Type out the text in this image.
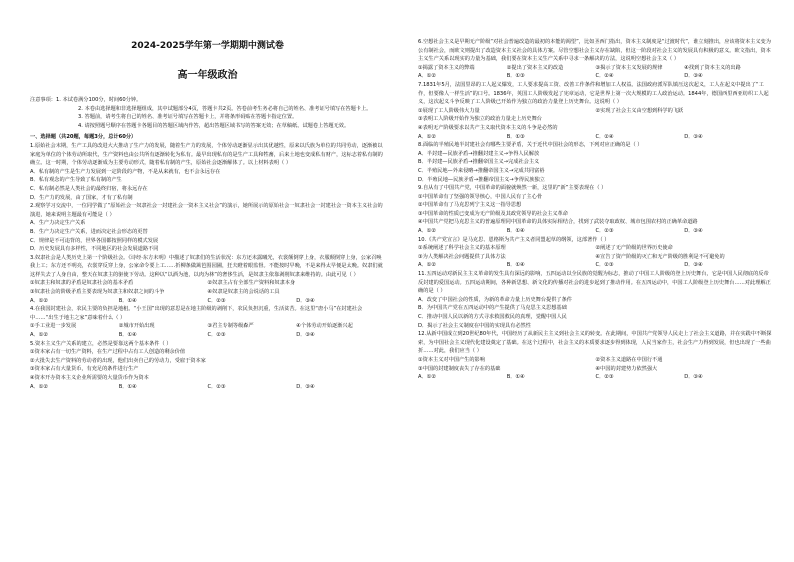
2024-2025学年第一学期期中测试卷
高一年级政治

注意事项：1. 本试卷满分100分，时间60分钟。

2. 本卷由选择题和非选择题组成，其中试题部分4页，答题卡共2页。答卷前考生务必将自己的姓名、准考证号填写在答题卡上。

3. 答题前，请考生将自己的姓名、准考证号填写在答题卡上，并将条形码贴在答题卡指定位置。

4. 请按照题号顺序在答题卡各题目的答题区域内作答，超出答题区域书写的答案无效；在草稿纸、试题卷上答题无效。

一、选择题（共20题，每题3分，总计60分）

1.原始社会末期，生产工具的改进大大推动了生产力的发展，随着生产力的发展，个体劳动逐渐显示出其优越性，原来以氏族为单位的共同劳动，逐渐被以家庭为单位的个体劳动所取代，生产资料也由公共所有逐渐转化为私有。最早出现私有的是生产工具和牲畜，后来土地也变成私有财产，这标志着私有制的确立。这一时期，个体劳动逐渐成为主要劳动形式，随着私有制的产生，原始社会逐渐解体了。以上材料表明（ ）

A．私有制的产生是生产力发展到一定阶段的产物，不是从来就有，也不会永远存在

B．私有观念的产生导致了私有制的产生

C．私有制必然是人类社会的最终归宿，将永远存在

D．生产力的发展，由了国家，才有了私有制

2.观察学习交流中，一位同学做了“原始社会一奴隶社会一封建社会一资本主义社会”的演示，她所展示的原始社会一奴隶社会一封建社会一资本主义社会的演进，她来说明主题最有可能是（ ）

A．生产力决定生产关系

B．生产力决定生产关系，进而决定社会形态的更替

C．规律是不可违背的，世界各国都按照同样的模式发展

D．历史发展具有多样性，不同地区的社会发展道路不同

3.奴隶社会是人类历史上第一个阶级社会。《诗经·东方未明》中描述了奴隶们的生活状况：东方还未露曦光，衣裳颠倒穿上身，衣服颠倒穿上身，公家召唤我上工；东方还不明亮，衣裳穿反穿上身，公家命令要上工……折柳条做篱笆围园圃，狂夫瞪着眼监督。不能按时早晚，不是来得太早便是太晚。奴隶们就这样失去了人身自由，整天在奴隶主的驱使下劳动。这种以“以酒为池，以肉为林”的奢侈生活，是奴隶主依靠剥削奴隶来维持的。由此可见（ ）

①奴隶主和奴隶的矛盾是奴隶社会的基本矛盾	②奴隶主占有全部生产资料和奴隶本身
③奴隶社会的阶级矛盾主要表现为奴隶主和奴隶之间的斗争	④奴隶是奴隶主的会说话的工具
A．①②	B．①④	C．②③	D．③④

4.在我国封建社会，农民主要的负担是地租。“小王国”出现的意思是在地主阶级的剥削下，农民负担沉重，生活贫苦。在这里“唐小马”在封建社会中……“出生于地主之家”意味着什么（ ）

①手工业进一步发展	②城市开始出现	③君主专制等级森严	④个体劳动开始逐渐兴起
A．①②	B．①④	C．②③	D．③④

5.资本主义生产关系的建立，必然是要靠这两个基本条件（ ）

①资本家占有一切生产资料，在生产过程中占有工人创造的剩余价值

②大批失去生产资料的劳动者的出现，他们出卖自己的劳动力，受雇于资本家

③资本家占有大量货币，有充足的条件进行生产

④资本开办资本主义企业所需要的大量货币作为资本

A．①②	B．①④	C．②③	D．③④

6.空想社会主义是早期无产阶级“对社会普遍改造的最初的本能的渴望”，比如圣西门指出，资本主义制度是“过渡时代”，谁立刻推出，应该将资本主义变为公有制社会，而欧文则提出了改造资本主义社会的具体方案。尽管空想社会主义存在缺陷，但这一阶段对社会主义的发展具有积极的意义。欧文指出，资本主义生产关系以现实的力量为基础，我们要在资本主义生产关系中寻求一条解决的方法，这说明空想社会主义（ ）

①揭露了资本主义的弊端	②提出了资本主义的改造	③揭示了资本主义发展的规律	④找到了资本主义的出路
A．①②	B．①③	C．②④	D．③④

7.1831年5月，法国里昂的工人起义爆发，工人要求提高工资、改善工作条件和增加工人权益。法国政府派军队镇压这次起义，工人在起义中提出了“工作，但要像人一样生活”的口号。1836年，英国工人阶级发起了宪章运动，它是世界上第一次大规模的工人政治运动。1844年，德国西里西亚纺织工人起义，这次起义斗争反映了工人阶级已开始作为独立的政治力量登上历史舞台。这说明（ ）

①展现了工人阶级伟大力量	②实现了社会主义由空想到科学的飞跃

③表明工人阶级开始作为独立的政治力量走上历史舞台

④表明无产阶级要求以共产主义取代资本主义的斗争是必然的

A．①②	B．①③	C．②④	D．③④

8.面临的半殖民地半封建社会有哪些主要矛盾，关于近代中国社会的形态，下列对应正确的是（ ）

A．半封建—民族矛盾→推翻封建主义→争得人民解放

B．半封建—民族矛盾→推翻帝国主义→完成社会主义

C．半殖民地—外来侵略→推翻帝国主义→完成共同富裕

D．半殖民地—民族矛盾→推翻帝国主义→争得民族独立

9.自从有了中国共产党，中国革命的面貌就焕然一新，这里的“新”主要表现在（ ）

①中国革命有了坚强的领导核心，中国人民有了主心骨

②中国革命有了马克思列宁主义这一指导思想

③中国革命的性质已变成为无产阶级及其政党领导的社会主义革命

④中国共产党把马克思主义的普遍原理同中国革命的具体实际相结合，找到了武装夺取政权、城市包围农村的正确革命道路

A．①②	B．①④	C．②③	D．③④

10.《共产党宣言》是马克思、恩格斯为共产主义者同盟起草的纲领，这部著作（ ）

①系统阐述了科学社会主义的基本原理	②阐述了无产阶级的世界历史使命
③为人类解决社会问题提供了具体方法	④宣告了资产阶级的灭亡和无产阶级的胜利是不可避免的
A．①②	B．①④	C．②③	D．③④

11.五四运动对新民主主义革命的发生具有深远的影响，五四运动以全民族的觉醒为标志，推动了中国工人阶级的登上历史舞台，它是中国人民彻底的反帝反封建的爱国运动。五四运动期间，各种新思想、新文化的传播对社会的进步起到了推动作用。在五四运动中，中国工人阶级登上历史舞台……对此理解正确的是（ ）

A．改变了中国社会的性质，为新的革命力量上历史舞台提供了条件

B．为中国共产党在五四运动中的产生提供了马克思主义思想基础

C．推动中国人民以新的方式寻求救国救民的真理，觉醒中国人民

D．揭示了社会主义制度在中国的实现具有必然性

12.从新中国成立到20世纪80年代，中国经历了从新民主主义到社会主义的转变。在此期间，中国共产党领导人民走上了社会主义道路，并在实践中不断探索，为中国社会主义现代化建设奠定了基础。在这个过程中，社会主义的本质要求逐步得到体现，人民当家作主，社会生产力得到发展，但也出现了一些曲折……对此，我们应当（ ）

①资本主义对中国产生的影响	②资本主义道路在中国行不通
③中国的封建制度丧失了存在的基础	④中国的封建势力依然强大
A．①②	B．①④	C．②③	D．③④
